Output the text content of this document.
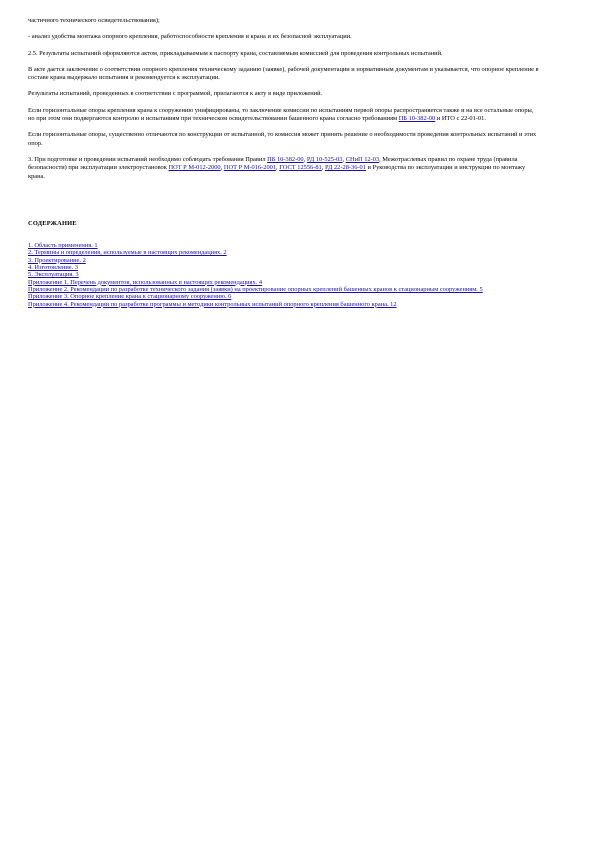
частичного технического освидетельствования);

- анализ удобства монтажа опорного крепления, работоспособности крепления и крана и их безопасной эксплуатации.

2.5. Результаты испытаний оформляются актом, прикладываемым к паспорту крана, составляемым комиссией для проведения контрольных испытаний.

В акте дается заключение о соответствии опорного крепления техническому заданию (заявке), рабочей документации и нормативным документам и указывается, что опорное крепление в составе крана выдержало испытания и рекомендуется к эксплуатации.

Результаты испытаний, проведенных в соответствии с программой, прилагаются к акту в виде приложений.

Если горизонтальные опоры крепления крана к сооружению унифицированы, то заключение комиссии по испытаниям первой опоры распространяется также и на все остальные опоры, но при этом они подвергаются контролю и испытаниям при техническом освидетельствовании башенного крана согласно требованиям ПБ 10-382-00 и ИТО с 22-01-01.

Если горизонтальные опоры, существенно отличаются по конструкции от испытанной, то комиссия может принять решение о необходимости проведения контрольных испытаний и этих опор.

3. При подготовке и проведении испытаний необходимо соблюдать требования Правил ПБ 10-382-00, РД 10-525-03, СНиП 12-03, Межотраслевых правил по охране труда (правила безопасности) при эксплуатации электроустановок ПОТ Р М-012-2000, ПОТ Р М-016-2001, ГОСТ 12556-81, РД 22-28-36-01 и Руководства по эксплуатации и инструкции по монтажу крана.

СОДЕРЖАНИЕ
1. Область применения. 1
2. Термины и определения, используемые в настоящих рекомендациях. 2
3. Проектирование. 2
4. Изготовление. 3
5. Эксплуатация. 3
Приложение 1. Перечень документов, использованных в настоящих рекомендациях. 4
Приложение 2. Рекомендации по разработке технического задания (заявки) на проектирование опорных креплений башенных кранов к стационарным сооружениям. 5
Приложение 3. Опорное крепление крана к стационарному сооружению. 6
Приложение 4. Рекомендации по разработке программы и методики контрольных испытаний опорного крепления башенного крана. 12
